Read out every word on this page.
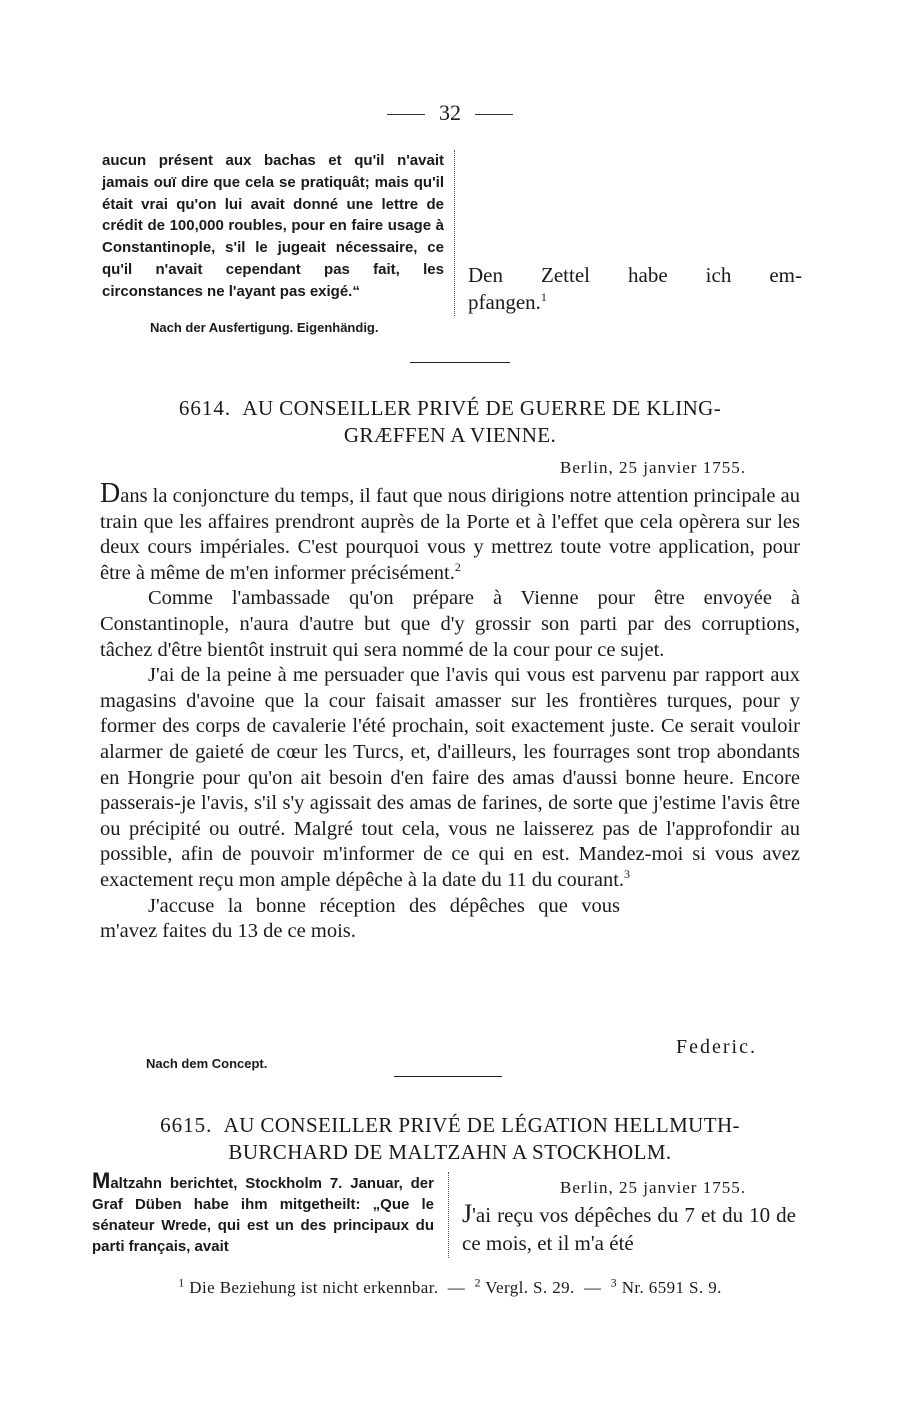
32
aucun présent aux bachas et qu'il n'avait jamais ouï dire que cela se pratiquât; mais qu'il était vrai qu'on lui avait donné une lettre de crédit de 100,000 roubles, pour en faire usage à Constantinople, s'il le jugeait nécessaire, ce qu'il n'avait cependant pas fait, les circonstances ne l'ayant pas exigé.“
Den Zettel habe ich em-
pfangen.$^1$
Nach der Ausfertigung. Eigenhändig.
6614. AU CONSEILLER PRIVÉ DE GUERRE DE KLING-
GRÆFFEN A VIENNE.
Berlin, 25 janvier 1755.

Dans la conjoncture du temps, il faut que nous dirigions notre attention principale au train que les affaires prendront auprès de la Porte et à l'effet que cela opèrera sur les deux cours impériales. C'est pourquoi vous y mettrez toute votre application, pour être à même de m'en informer précisément.$^2$

Comme l'ambassade qu'on prépare à Vienne pour être envoyée à Constantinople, n'aura d'autre but que d'y grossir son parti par des corruptions, tâchez d'être bientôt instruit qui sera nommé de la cour pour ce sujet.

J'ai de la peine à me persuader que l'avis qui vous est parvenu par rapport aux magasins d'avoine que la cour faisait amasser sur les frontières turques, pour y former des corps de cavalerie l'été prochain, soit exactement juste. Ce serait vouloir alarmer de gaieté de cœur les Turcs, et, d'ailleurs, les fourrages sont trop abondants en Hongrie pour qu'on ait besoin d'en faire des amas d'aussi bonne heure. Encore passerais-je l'avis, s'il s'y agissait des amas de farines, de sorte que j'estime l'avis être ou précipité ou outré. Malgré tout cela, vous ne laisserez pas de l'approfondir au possible, afin de pouvoir m'informer de ce qui en est. Mandez-moi si vous avez exactement reçu mon ample dépêche à la date du 11 du courant.$^3$

J'accuse la bonne réception des dépêches que vous m'avez faites du 13 de ce mois.

Federic.
Nach dem Concept.
6615. AU CONSEILLER PRIVÉ DE LÉGATION HELLMUTH-
BURCHARD DE MALTZAHN A STOCKHOLM.
Maltzahn berichtet, Stockholm 7. Januar, der Graf Düben habe ihm mitgetheilt: „Que le sénateur Wrede, qui est un des principaux du parti français, avait
Berlin, 25 janvier 1755.
J'ai reçu vos dépêches du 7 et du 10 de ce mois, et il m'a été
$^1$ Die Beziehung ist nicht erkennbar.  —  $^2$ Vergl. S. 29.  —  $^3$ Nr. 6591 S. 9.
